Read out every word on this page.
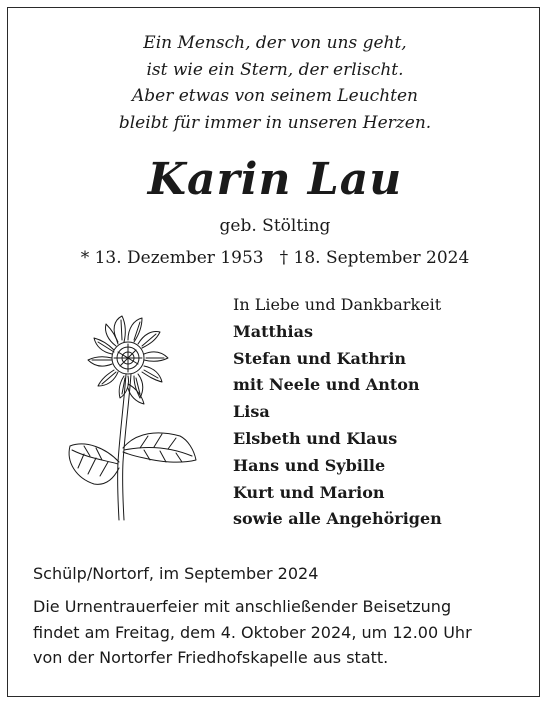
Ein Mensch, der von uns geht,
ist wie ein Stern, der erlischt.
Aber etwas von seinem Leuchten
bleibt für immer in unseren Herzen.
Karin Lau
geb. Stölting
* 13. Dezember 1953 † 18. September 2024
In Liebe und Dankbarkeit
Matthias
Stefan und Kathrin
mit Neele und Anton
Lisa
Elsbeth und Klaus
Hans und Sybille
Kurt und Marion
sowie alle Angehörigen
Schülp/Nortorf, im September 2024
Die Urnentrauerfeier mit anschließender Beisetzung
findet am Freitag, dem 4. Oktober 2024, um 12.00 Uhr
von der Nortorfer Friedhofskapelle aus statt.
